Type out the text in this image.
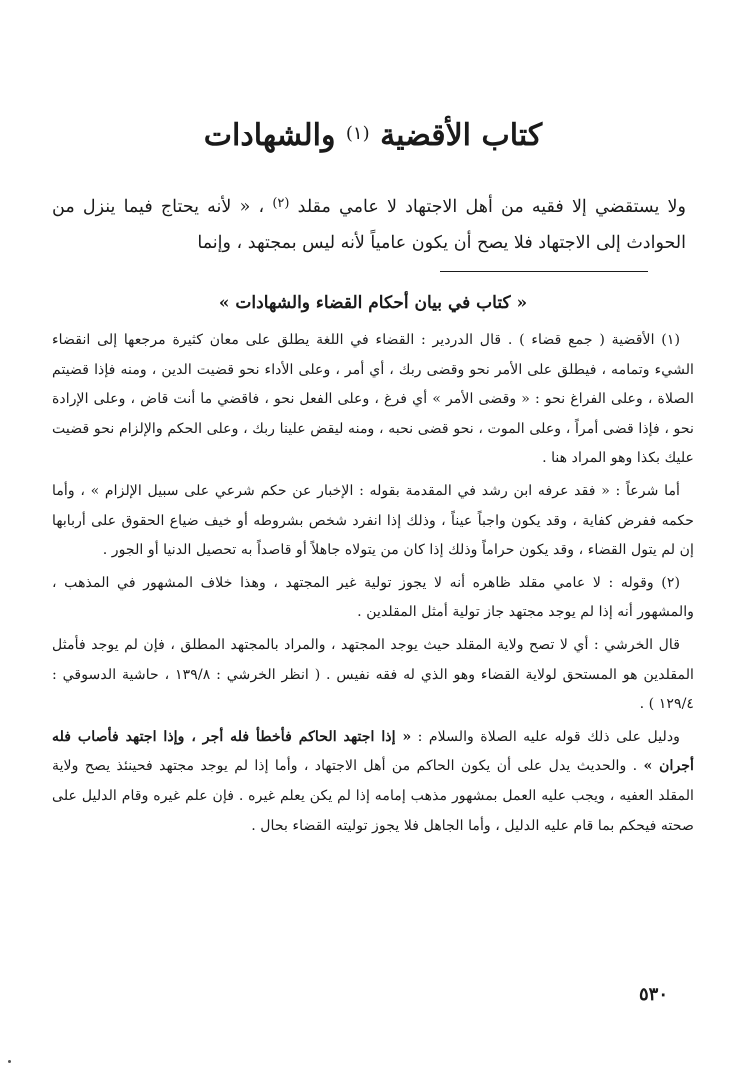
كتاب الأقضية $^{(١)}$ والشهادات

ولا يستقضي إلا فقيه من أهل الاجتهاد لا عامي مقلد $^{(٢)}$ ، « لأنه يحتاج فيما ينزل من الحوادث إلى الاجتهاد فلا يصح أن يكون عامياً لأنه ليس بمجتهد ، وإنما

« كتاب في بيان أحكام القضاء والشهادات »

(١) الأقضية ( جمع قضاء ) . قال الدردير : القضاء في اللغة يطلق على معان كثيرة مرجعها إلى انقضاء الشيء وتمامه ، فيطلق على الأمر نحو وقضى ربك ، أي أمر ، وعلى الأداء نحو قضيت الدين ، ومنه فإذا قضيتم الصلاة ، وعلى الفراغ نحو : « وقضى الأمر » أي فرغ ، وعلى الفعل نحو ، فاقضي ما أنت قاض ، وعلى الإرادة نحو ، فإذا قضى أمراً ، وعلى الموت ، نحو قضى نحبه ، ومنه ليقض علينا ربك ، وعلى الحكم والإلزام نحو قضيت عليك بكذا وهو المراد هنا .

أما شرعاً : « فقد عرفه ابن رشد في المقدمة بقوله : الإخبار عن حكم شرعي على سبيل الإلزام » ، وأما حكمه ففرض كفاية ، وقد يكون واجباً عيناً ، وذلك إذا انفرد شخص بشروطه أو خيف ضياع الحقوق على أربابها إن لم يتول القضاء ، وقد يكون حراماً وذلك إذا كان من يتولاه جاهلاً أو قاصداً به تحصيل الدنيا أو الجور .

(٢) وقوله : لا عامي مقلد ظاهره أنه لا يجوز تولية غير المجتهد ، وهذا خلاف المشهور في المذهب ، والمشهور أنه إذا لم يوجد مجتهد جاز تولية أمثل المقلدين .

قال الخرشي : أي لا تصح ولاية المقلد حيث يوجد المجتهد ، والمراد بالمجتهد المطلق ، فإن لم يوجد فأمثل المقلدين هو المستحق لولاية القضاء وهو الذي له فقه نفيس . ( انظر الخرشي : ١٣٩/٨ ، حاشية الدسوقي : ١٢٩/٤ ) .

ودليل على ذلك قوله عليه الصلاة والسلام : « إذا اجتهد الحاكم فأخطأ فله أجر ، وإذا اجتهد فأصاب فله أجران » . والحديث يدل على أن يكون الحاكم من أهل الاجتهاد ، وأما إذا لم يوجد مجتهد فحينئذ يصح ولاية المقلد العفيه ، ويجب عليه العمل بمشهور مذهب إمامه إذا لم يكن يعلم غيره . فإن علم غيره وقام الدليل على صحته فيحكم بما قام عليه الدليل ، وأما الجاهل فلا يجوز توليته القضاء بحال .

٥٣٠
